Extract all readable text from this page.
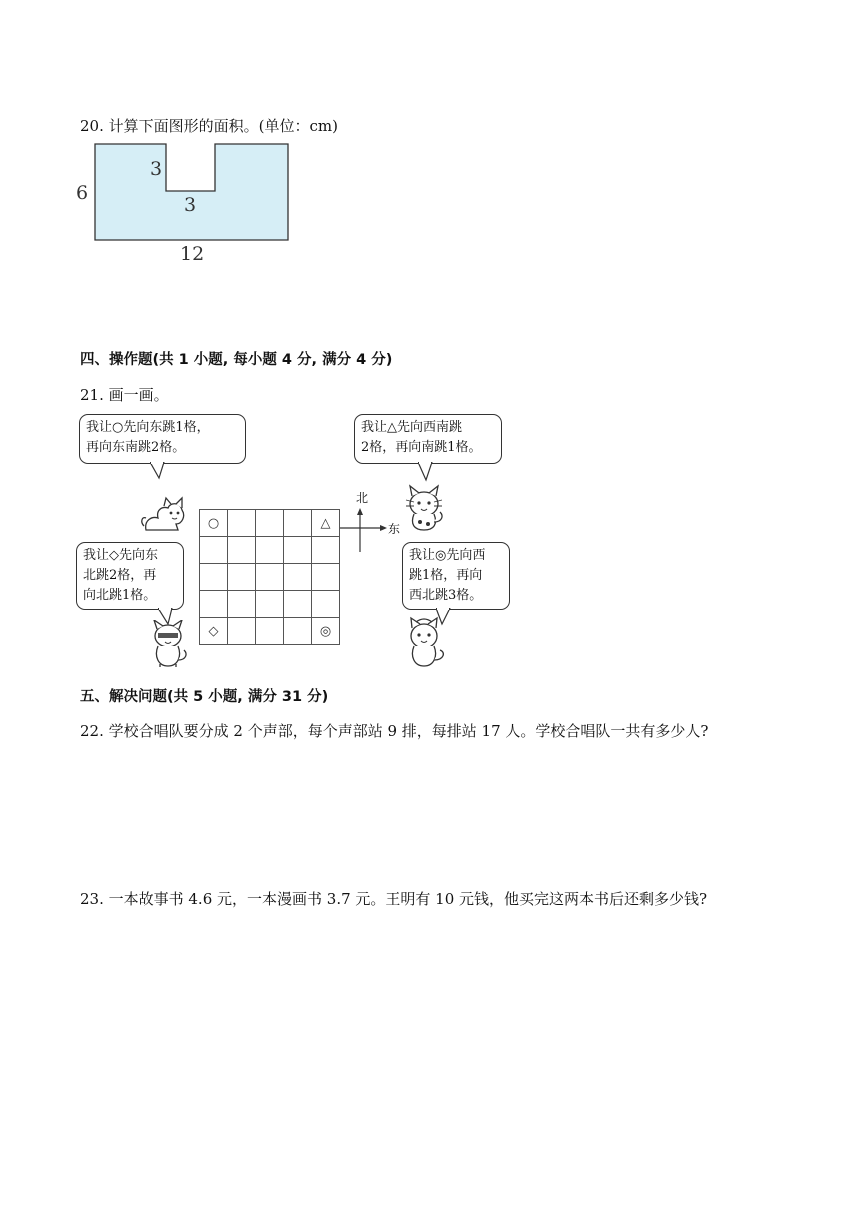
20. 计算下面图形的面积。(单位：cm)
3
3
6
12
四、操作题(共 1 小题, 每小题 4 分, 满分 4 分)
21. 画一画。
我让○先向东跳1格，
再向东南跳2格。
我让△先向西南跳
2格，再向南跳1格。
我让◇先向东
北跳2格，再
向北跳1格。
我让◎先向西
跳1格，再向
西北跳3格。
○				△

◇				◎
北
东
五、解决问题(共 5 小题, 满分 31 分)
22. 学校合唱队要分成 2 个声部，每个声部站 9 排，每排站 17 人。学校合唱队一共有多少人?
23. 一本故事书 4.6 元，一本漫画书 3.7 元。王明有 10 元钱，他买完这两本书后还剩多少钱?
